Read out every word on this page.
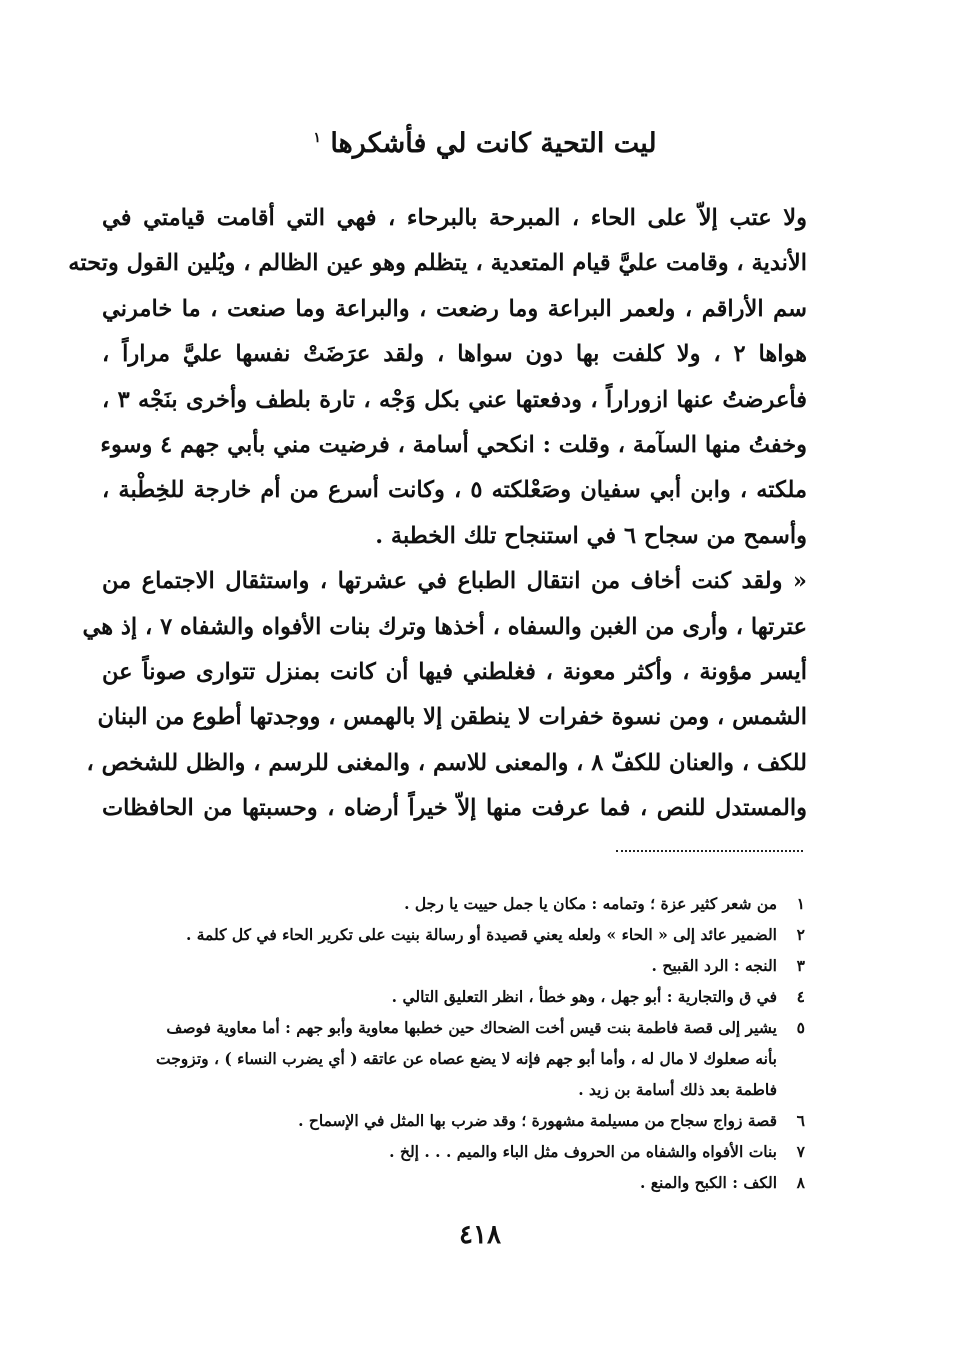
ليت التحية كانت لي فأشكرها $^١$
ولا عتب إلاّ على الحاء ، المبرحة بالبرحاء ، فهي التي أقامت قيامتي في
الأندية ، وقامت عليَّ قيام المتعدية ، يتظلم وهو عين الظالم ، ويُلين القول وتحته
سم الأراقم ، ولعمر البراعة وما رضعت ، والبراعة وما صنعت ، ما خامرني
هواها ٢ ، ولا كلفت بها دون سواها ، ولقد عرَضَتْ نفسها عليَّ مراراً ،
فأعرضتُ عنها ازوراراً ، ودفعتها عني بكل وَجْه ، تارة بلطف وأخرى بنَجْه ٣ ،
وخفتُ منها السآمة ، وقلت : انكحي أسامة ، فرضيت مني بأبي جهم ٤ وسوء
ملكته ، وابن أبي سفيان وصَعْلكته ٥ ، وكانت أسرع من أم خارجة للخِطْبة ،
وأسمح من سجاح ٦ في استنجاح تلك الخطبة .
« ولقد كنت أخاف من انتقال الطباع في عشرتها ، واستثقال الاجتماع من
عترتها ، وأرى من الغبن والسفاه ، أخذها وترك بنات الأفواه والشفاه ٧ ، إذ هي
أيسر مؤونة ، وأكثر معونة ، فغلطني فيها أن كانت بمنزل تتوارى صوناً عن
الشمس ، ومن نسوة خفرات لا ينطقن إلا بالهمس ، ووجدتها أطوع من البنان
للكف ، والعنان للكفّ ٨ ، والمعنى للاسم ، والمغنى للرسم ، والظل للشخص ،
والمستدل للنص ، فما عرفت منها إلاّ خيراً أرضاه ، وحسبتها من الحافظات
١
من شعر كثير عزة ؛ وتمامه : مكان يا جمل حييت يا رجل .
٢
الضمير عائد إلى « الحاء » ولعله يعني قصيدة أو رسالة بنيت على تكرير الحاء في كل كلمة .
٣
النجه : الرد القبيح .
٤
في ق والتجارية : أبو جهل ، وهو خطأ ، انظر التعليق التالي .
٥
يشير إلى قصة فاطمة بنت قيس أخت الضحاك حين خطبها معاوية وأبو جهم : أما معاوية فوصف
بأنه صعلوك لا مال له ، وأما أبو جهم فإنه لا يضع عصاه عن عاتقه ( أي يضرب النساء ) ، وتزوجت
فاطمة بعد ذلك أسامة بن زيد .
٦
قصة زواج سجاح من مسيلمة مشهورة ؛ وقد ضرب بها المثل في الإسماح .
٧
بنات الأفواه والشفاه من الحروف مثل الباء والميم . . . إلخ .
٨
الكف : الكبح والمنع .
٤١٨
